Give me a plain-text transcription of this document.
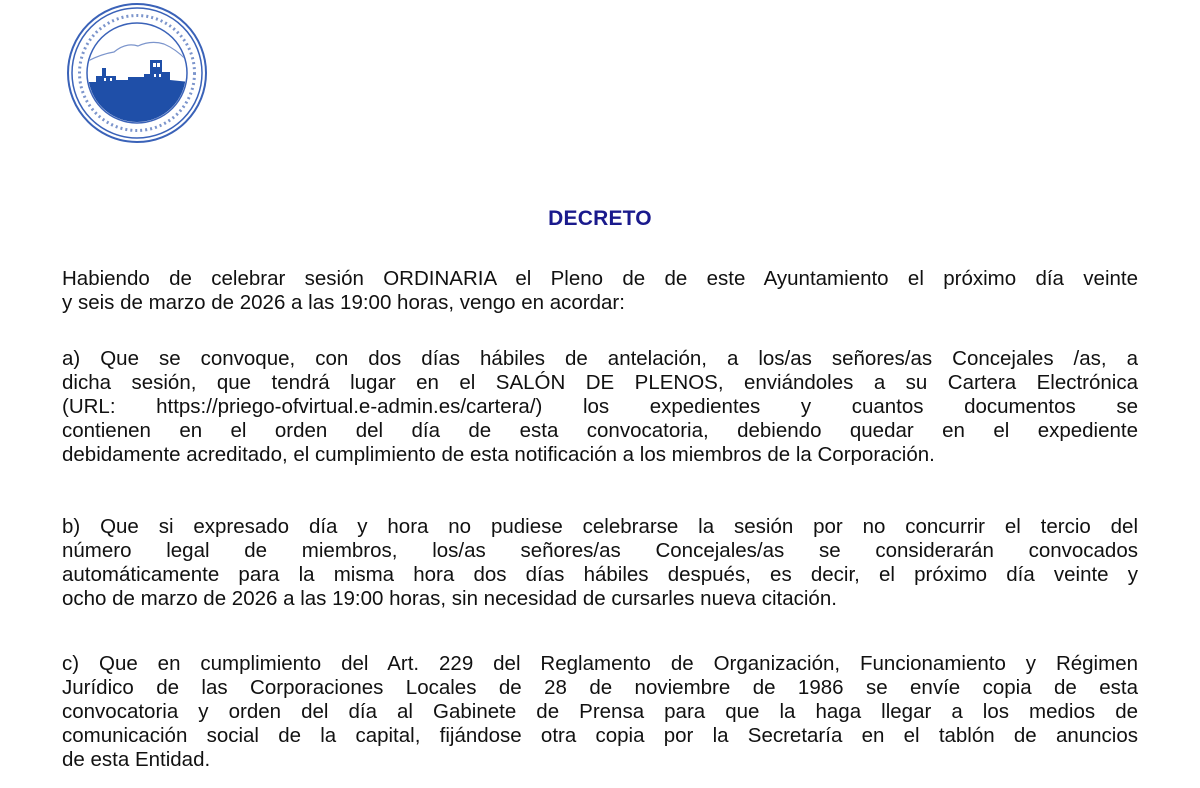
DECRETO
Habiendo de celebrar sesión ORDINARIA el Pleno de de este Ayuntamiento el próximo día veinte
y seis de marzo de 2026 a las 19:00 horas, vengo en acordar:
a) Que se convoque, con dos días hábiles de antelación, a los/as señores/as Concejales /as, a
dicha sesión, que tendrá lugar en el SALÓN DE PLENOS, enviándoles a su Cartera Electrónica
(URL: https://priego-ofvirtual.e-admin.es/cartera/) los expedientes y cuantos documentos se
contienen en el orden del día de esta convocatoria, debiendo quedar en el expediente
debidamente acreditado, el cumplimiento de esta notificación a los miembros de la Corporación.
b) Que si expresado día y hora no pudiese celebrarse la sesión por no concurrir el tercio del
número legal de miembros, los/as señores/as Concejales/as se considerarán convocados
automáticamente para la misma hora dos días hábiles después, es decir, el próximo día veinte y
ocho de marzo de 2026 a las 19:00 horas, sin necesidad de cursarles nueva citación.
c) Que en cumplimiento del Art. 229 del Reglamento de Organización, Funcionamiento y Régimen
Jurídico de las Corporaciones Locales de 28 de noviembre de 1986 se envíe copia de esta
convocatoria y orden del día al Gabinete de Prensa para que la haga llegar a los medios de
comunicación social de la capital, fijándose otra copia por la Secretaría en el tablón de anuncios
de esta Entidad.
